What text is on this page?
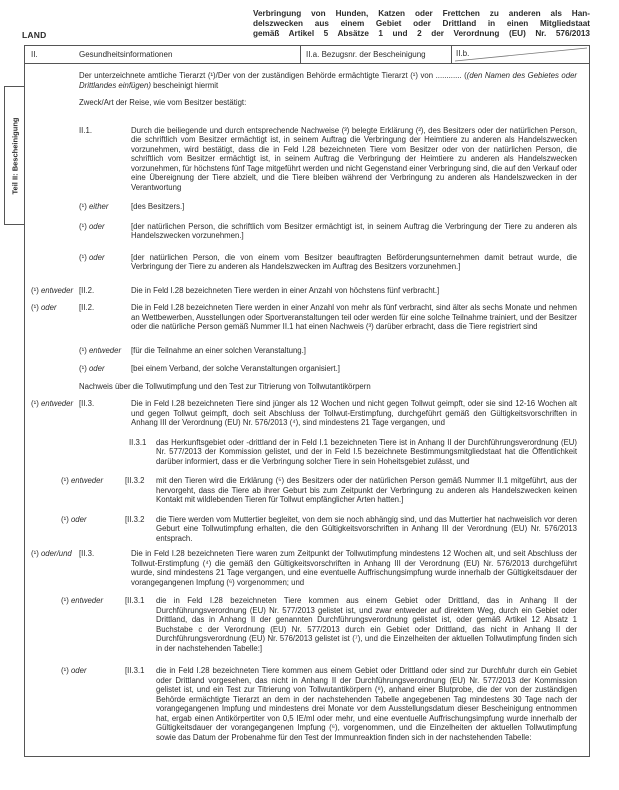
LAND
Verbringung von Hunden, Katzen oder Frettchen zu anderen als Han-
delszwecken aus einem Gebiet oder Drittland in einen Mitgliedstaat
gemäß Artikel 5 Absätze 1 und 2 der Verordnung (EU) Nr. 576/2013
Teil II: Bescheinigung
II.	Gesundheitsinformationen	II.a. Bezugsnr. der Bescheinigung	II.b.
Der unterzeichnete amtliche Tierarzt (¹)/Der von der zuständigen Behörde ermächtigte Tierarzt (¹) von ............ ((den Namen des Gebietes oder Drittlandes einfügen) bescheinigt hiermit
Zweck/Art der Reise, wie vom Besitzer bestätigt:
II.1.	Durch die beiliegende und durch entsprechende Nachweise (³) belegte Erklärung (²), des Besitzers oder der natürlichen Person, die schriftlich vom Besitzer ermächtigt ist, in seinem Auftrag die Verbringung der Heimtiere zu anderen als Handelszwecken vorzunehmen, wird bestätigt, dass die in Feld I.28 bezeichneten Tiere vom Besitzer oder von der natürlichen Person, die schriftlich vom Besitzer ermächtigt ist, in seinem Auftrag die Verbringung der Heimtiere zu anderen als Handelszwecken vorzunehmen, für höchstens fünf Tage mitgeführt werden und nicht Gegenstand einer Verbringung sind, die auf den Verkauf oder eine Übereignung der Tiere abzielt, und die Tiere bleiben während der Verbringung zu anderen als Handelszwecken in der Verantwortung
(¹) either	[des Besitzers.]
(¹) oder	[der natürlichen Person, die schriftlich vom Besitzer ermächtigt ist, in seinem Auftrag die Verbringung der Tiere zu anderen als Handelszwecken vorzunehmen.]
(¹) oder	[der natürlichen Person, die von einem vom Besitzer beauftragten Beförderungsunternehmen damit betraut wurde, die Verbringung der Tiere zu anderen als Handelszwecken im Auftrag des Besitzers vorzunehmen.]
(¹) entweder [II.2.	Die in Feld I.28 bezeichneten Tiere werden in einer Anzahl von höchstens fünf verbracht.]
(¹) oder	[II.2.	Die in Feld I.28 bezeichneten Tiere werden in einer Anzahl von mehr als fünf verbracht, sind älter als sechs Monate und nehmen an Wettbewerben, Ausstellungen oder Sportveranstaltungen teil oder werden für eine solche Teilnahme trainiert, und der Besitzer oder die natürliche Person gemäß Nummer II.1 hat einen Nachweis (³) darüber erbracht, dass die Tiere registriert sind
(¹) entweder [für die Teilnahme an einer solchen Veranstaltung.]
(¹) oder	[bei einem Verband, der solche Veranstaltungen organisiert.]
Nachweis über die Tollwutimpfung und den Test zur Titrierung von Tollwutantikörpern
(¹) entweder [II.3.	Die in Feld I.28 bezeichneten Tiere sind jünger als 12 Wochen und nicht gegen Tollwut geimpft, oder sie sind 12-16 Wochen alt und gegen Tollwut geimpft, doch seit Abschluss der Tollwut-Erstimpfung, durchgeführt gemäß den Gültigkeitsvorschriften in Anhang III der Verordnung (EU) Nr. 576/2013 (⁴), sind mindestens 21 Tage vergangen, und
II.3.1 das Herkunftsgebiet oder -drittland der in Feld I.1 bezeichneten Tiere ist in Anhang II der Durchführungsverordnung (EU) Nr. 577/2013 der Kommission gelistet, und der in Feld I.5 bezeichnete Bestimmungsmitgliedstaat hat die Öffentlichkeit darüber informiert, dass er die Verbringung solcher Tiere in sein Hoheitsgebiet zulässt, und
(¹) entweder	[II.3.2 mit den Tieren wird die Erklärung (⁵) des Besitzers oder der natürlichen Person gemäß Nummer II.1 mitgeführt, aus der hervorgeht, dass die Tiere ab ihrer Geburt bis zum Zeitpunkt der Verbringung zu anderen als Handelszwecken keinen Kontakt mit wildlebenden Tieren für Tollwut empfänglicher Arten hatten.]
(¹) oder	[II.3.2 die Tiere werden vom Muttertier begleitet, von dem sie noch abhängig sind, und das Muttertier hat nachweislich vor deren Geburt eine Tollwutimpfung erhalten, die den Gültigkeitsvorschriften in Anhang III der Verordnung (EU) Nr. 576/2013 entsprach.
(¹) oder/und [II.3.	Die in Feld I.28 bezeichneten Tiere waren zum Zeitpunkt der Tollwutimpfung mindestens 12 Wochen alt, und seit Abschluss der Tollwut-Erstimpfung (⁴) die gemäß den Gültigkeitsvorschriften in Anhang III der Verordnung (EU) Nr. 576/2013 durchgeführt wurde, sind mindestens 21 Tage vergangen, und eine eventuelle Auffrischungsimpfung wurde innerhalb der Gültigkeitsdauer der vorangegangenen Impfung (⁶) vorgenommen; und
(¹) entweder	[II.3.1 die in Feld I.28 bezeichneten Tiere kommen aus einem Gebiet oder Drittland, das in Anhang II der Durchführungsverordnung (EU) Nr. 577/2013 gelistet ist, und zwar entweder auf direktem Weg, durch ein Gebiet oder Drittland, das in Anhang II der genannten Durchführungsverordnung gelistet ist, oder gemäß Artikel 12 Absatz 1 Buchstabe c der Verordnung (EU) Nr. 577/2013 durch ein Gebiet oder Drittland, das nicht in Anhang II der Durchführungsverordnung (EU) Nr. 576/2013 gelistet ist (⁷), und die Einzelheiten der aktuellen Tollwutimpfung finden sich in der nachstehenden Tabelle:]
(¹) oder	[II.3.1 die in Feld I.28 bezeichneten Tiere kommen aus einem Gebiet oder Drittland oder sind zur Durchfuhr durch ein Gebiet oder Drittland vorgesehen, das nicht in Anhang II der Durchführungsverordnung (EU) Nr. 577/2013 der Kommission gelistet ist, und ein Test zur Titrierung von Tollwutantikörpern (⁸), anhand einer Blutprobe, die der von der zuständigen Behörde ermächtigte Tierarzt an dem in der nachstehenden Tabelle angegebenen Tag mindestens 30 Tage nach der vorangegangenen Impfung und mindestens drei Monate vor dem Ausstellungsdatum dieser Bescheinigung entnommen hat, ergab einen Antikörpertiter von 0,5 IE/ml oder mehr, und eine eventuelle Auffrischungsimpfung wurde innerhalb der Gültigkeitsdauer der vorangegangenen Impfung (⁶), vorgenommen, und die Einzelheiten der aktuellen Tollwutimpfung sowie das Datum der Probenahme für den Test der Immunreaktion finden sich in der nachstehenden Tabelle:
